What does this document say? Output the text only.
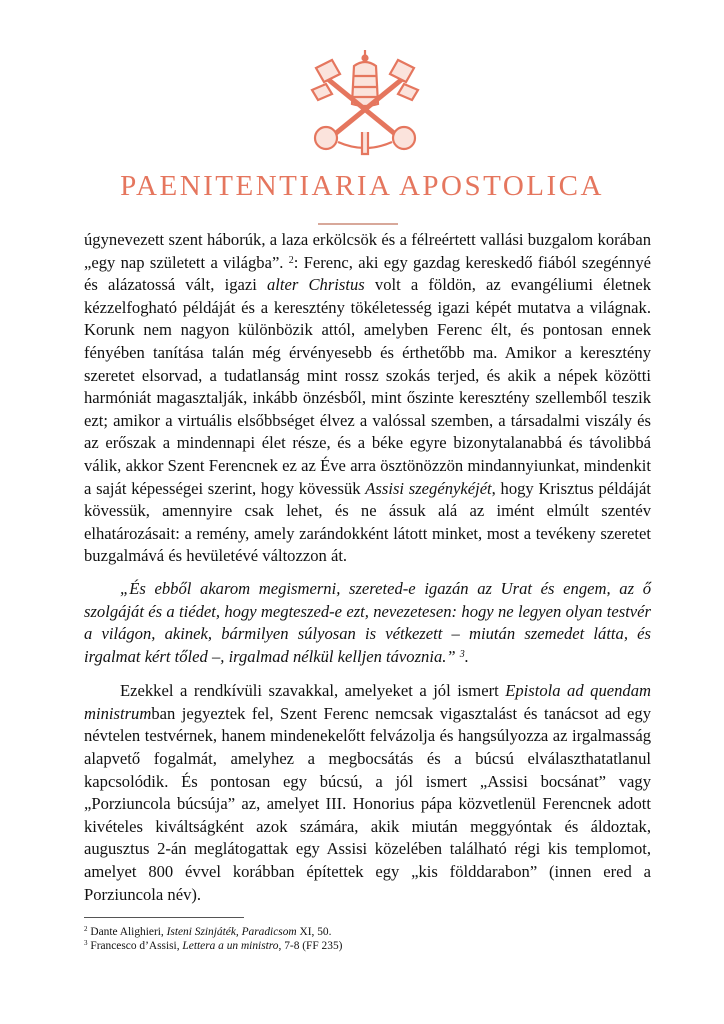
PAENITENTIARIA APOSTOLICA

úgynevezett szent háborúk, a laza erkölcsök és a félreértett vallási buzgalom korában „egy nap született a világba”. $^2$: Ferenc, aki egy gazdag kereskedő fiából szegénnyé és alázatossá vált, igazi alter Christus volt a földön, az evangéliumi életnek kézzelfogható példáját és a keresztény tökéletesség igazi képét mutatva a világnak. Korunk nem nagyon különbözik attól, amelyben Ferenc élt, és pontosan ennek fényében tanítása talán még érvényesebb és érthetőbb ma. Amikor a keresztény szeretet elsorvad, a tudatlanság mint rossz szokás terjed, és akik a népek közötti harmóniát magasztalják, inkább önzésből, mint őszinte keresztény szellemből teszik ezt; amikor a virtuális elsőbbséget élvez a valóssal szemben, a társadalmi viszály és az erőszak a mindennapi élet része, és a béke egyre bizonytalanabbá és távolibbá válik, akkor Szent Ferencnek ez az Éve arra ösztönözzön mindannyiunkat, mindenkit a saját képességei szerint, hogy kövessük Assisi szegénykéjét, hogy Krisztus példáját kövessük, amennyire csak lehet, és ne ássuk alá az imént elmúlt szentév elhatározásait: a remény, amely zarándokként látott minket, most a tevékeny szeretet buzgalmává és hevületévé változzon át.

„És ebből akarom megismerni, szereted-e igazán az Urat és engem, az ő szolgáját és a tiédet, hogy megteszed-e ezt, nevezetesen: hogy ne legyen olyan testvér a világon, akinek, bármilyen súlyosan is vétkezett – miután szemedet látta, és irgalmat kért tőled –, irgalmad nélkül kelljen távoznia.” $^3$.

Ezekkel a rendkívüli szavakkal, amelyeket a jól ismert Epistola ad quendam ministrumban jegyeztek fel, Szent Ferenc nemcsak vigasztalást és tanácsot ad egy névtelen testvérnek, hanem mindenekelőtt felvázolja és hangsúlyozza az irgalmasság alapvető fogalmát, amelyhez a megbocsátás és a búcsú elválaszthatatlanul kapcsolódik. És pontosan egy búcsú, a jól ismert „Assisi bocsánat” vagy „Porziuncola búcsúja” az, amelyet III. Honorius pápa közvetlenül Ferencnek adott kivételes kiváltságként azok számára, akik miután meggyóntak és áldoztak, augusztus 2-án meglátogattak egy Assisi közelében található régi kis templomot, amelyet 800 évvel korábban építettek egy „kis földdarabon” (innen ered a Porziuncola név).

$^2$ Dante Alighieri, Isteni Szinjáték, Paradicsom XI, 50.
$^3$ Francesco d’Assisi, Lettera a un ministro, 7-8 (FF 235)
